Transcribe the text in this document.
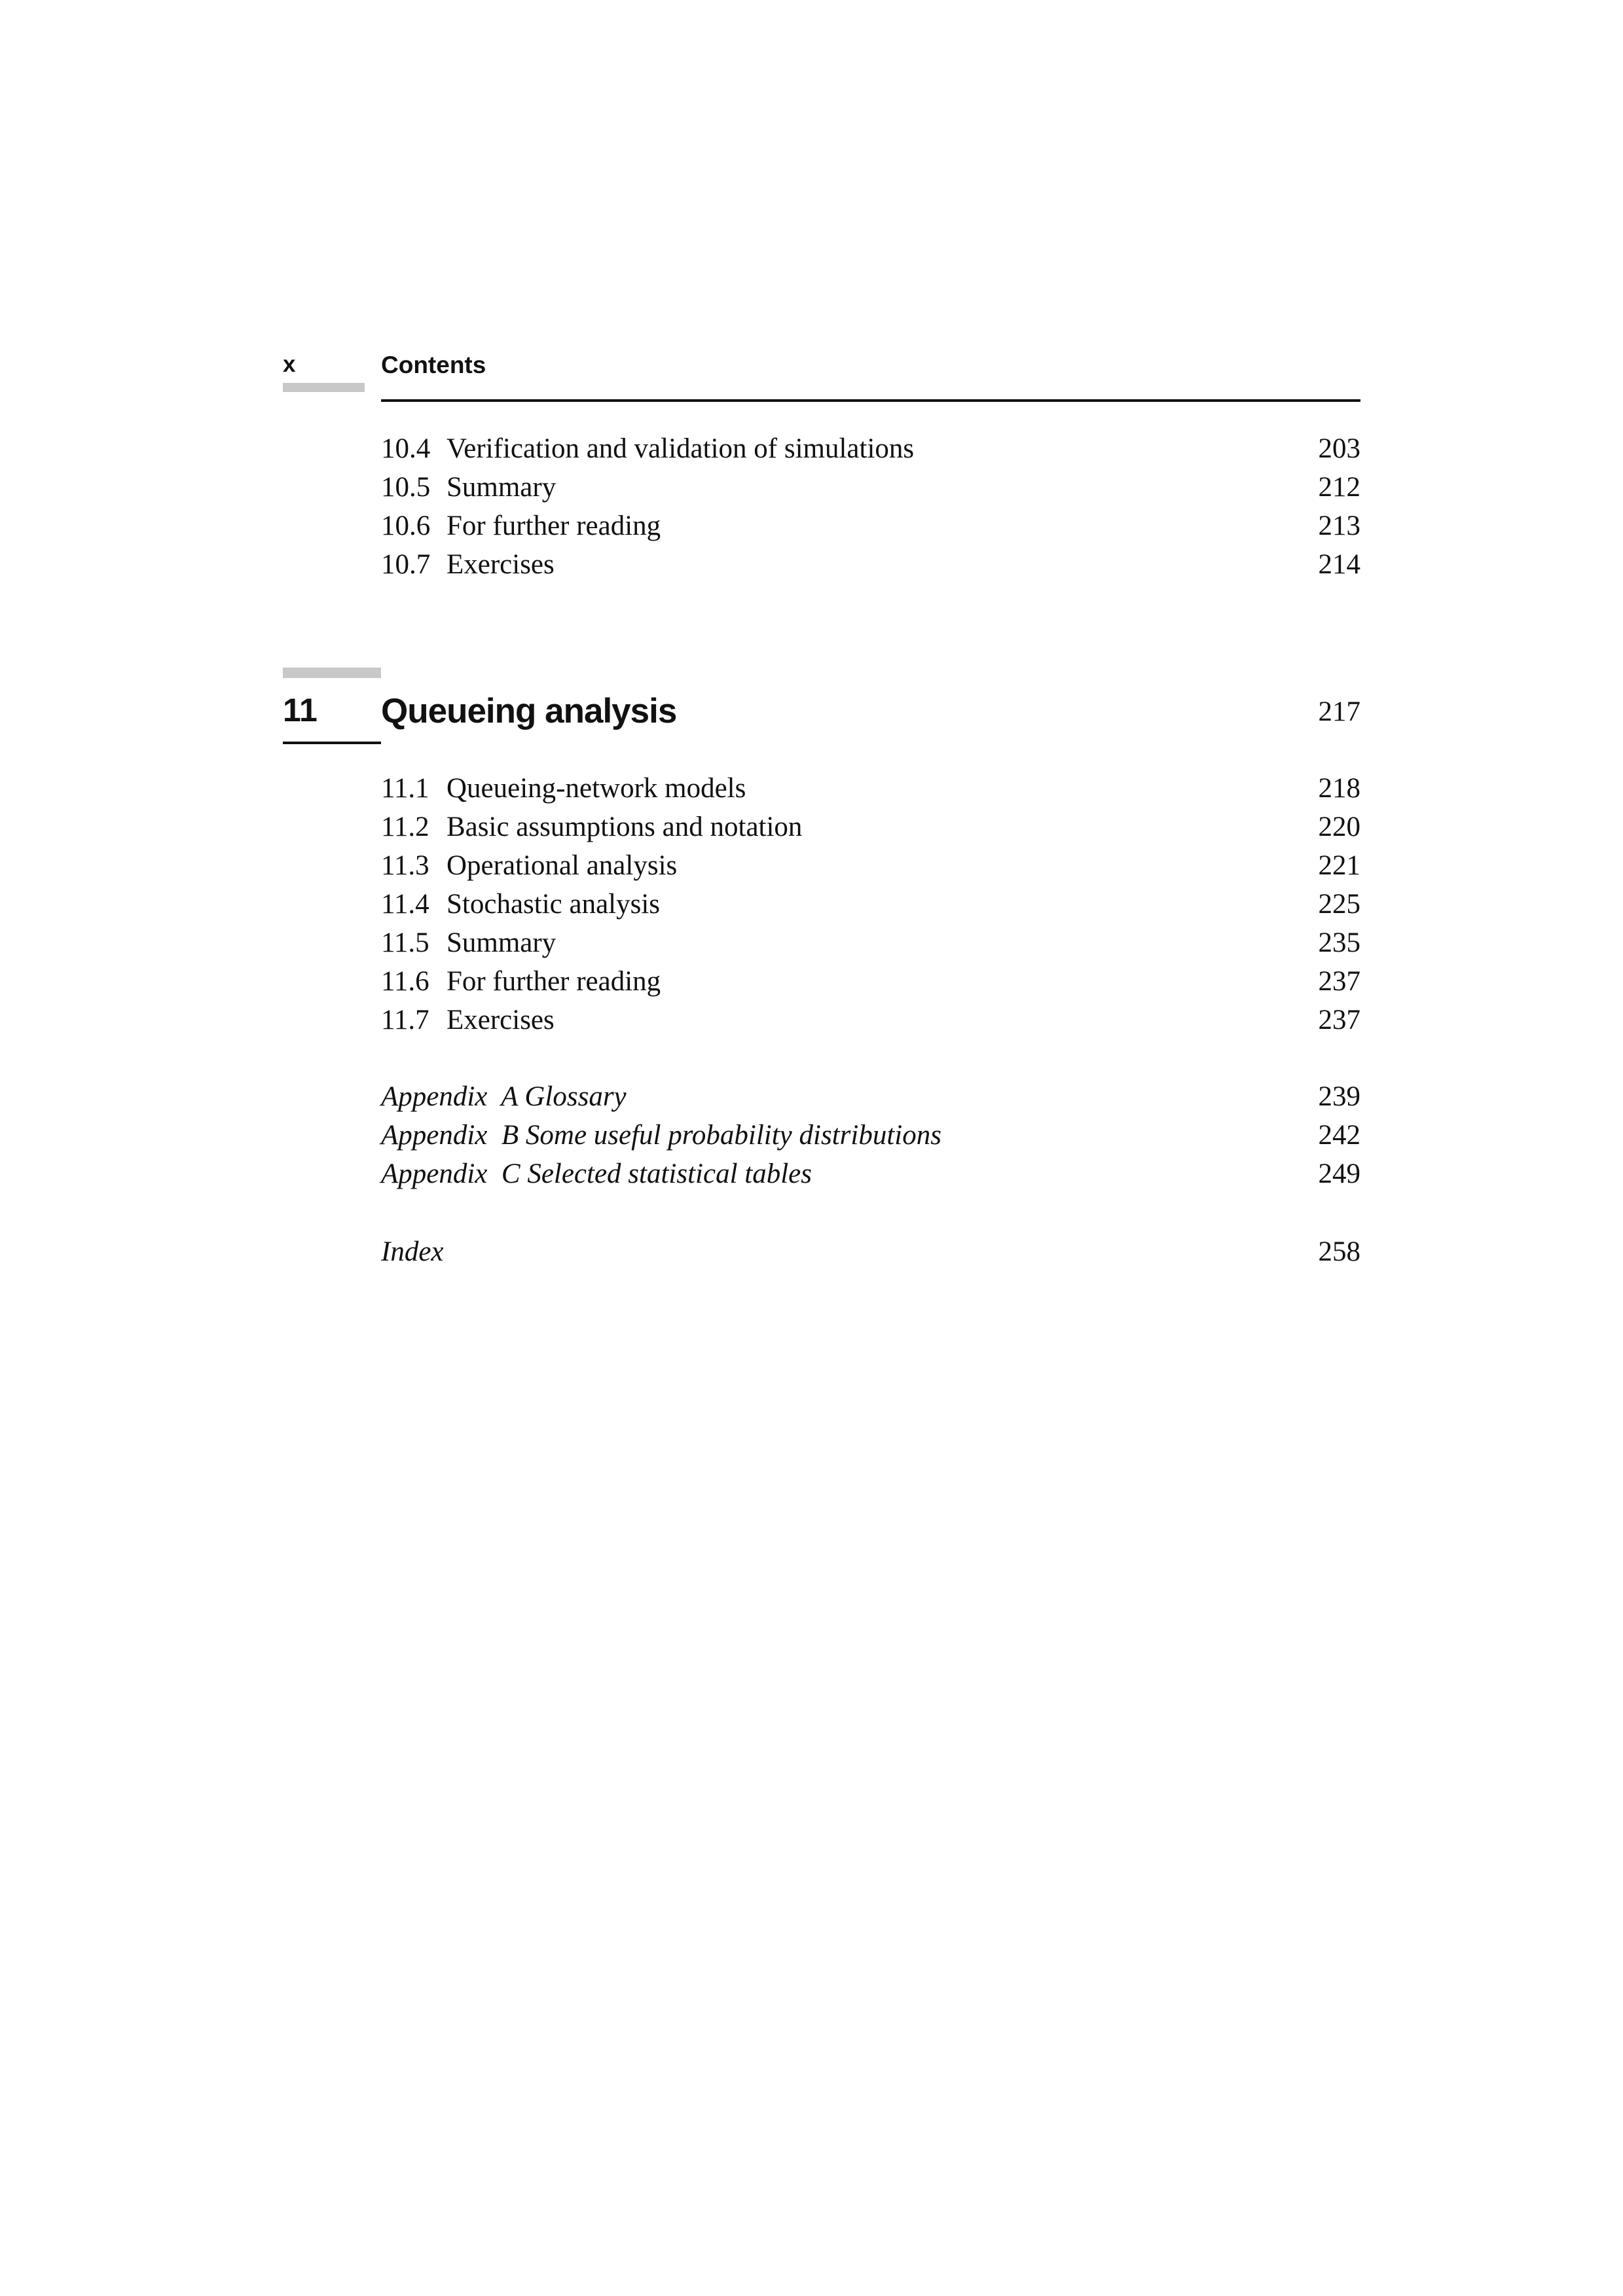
x	Contents
10.4 Verification and validation of simulations	203
10.5 Summary	212
10.6 For further reading	213
10.7 Exercises	214
11 Queueing analysis	217
11.1 Queueing-network models	218
11.2 Basic assumptions and notation	220
11.3 Operational analysis	221
11.4 Stochastic analysis	225
11.5 Summary	235
11.6 For further reading	237
11.7 Exercises	237
Appendix  A Glossary	239
Appendix  B Some useful probability distributions	242
Appendix  C Selected statistical tables	249
Index	258
